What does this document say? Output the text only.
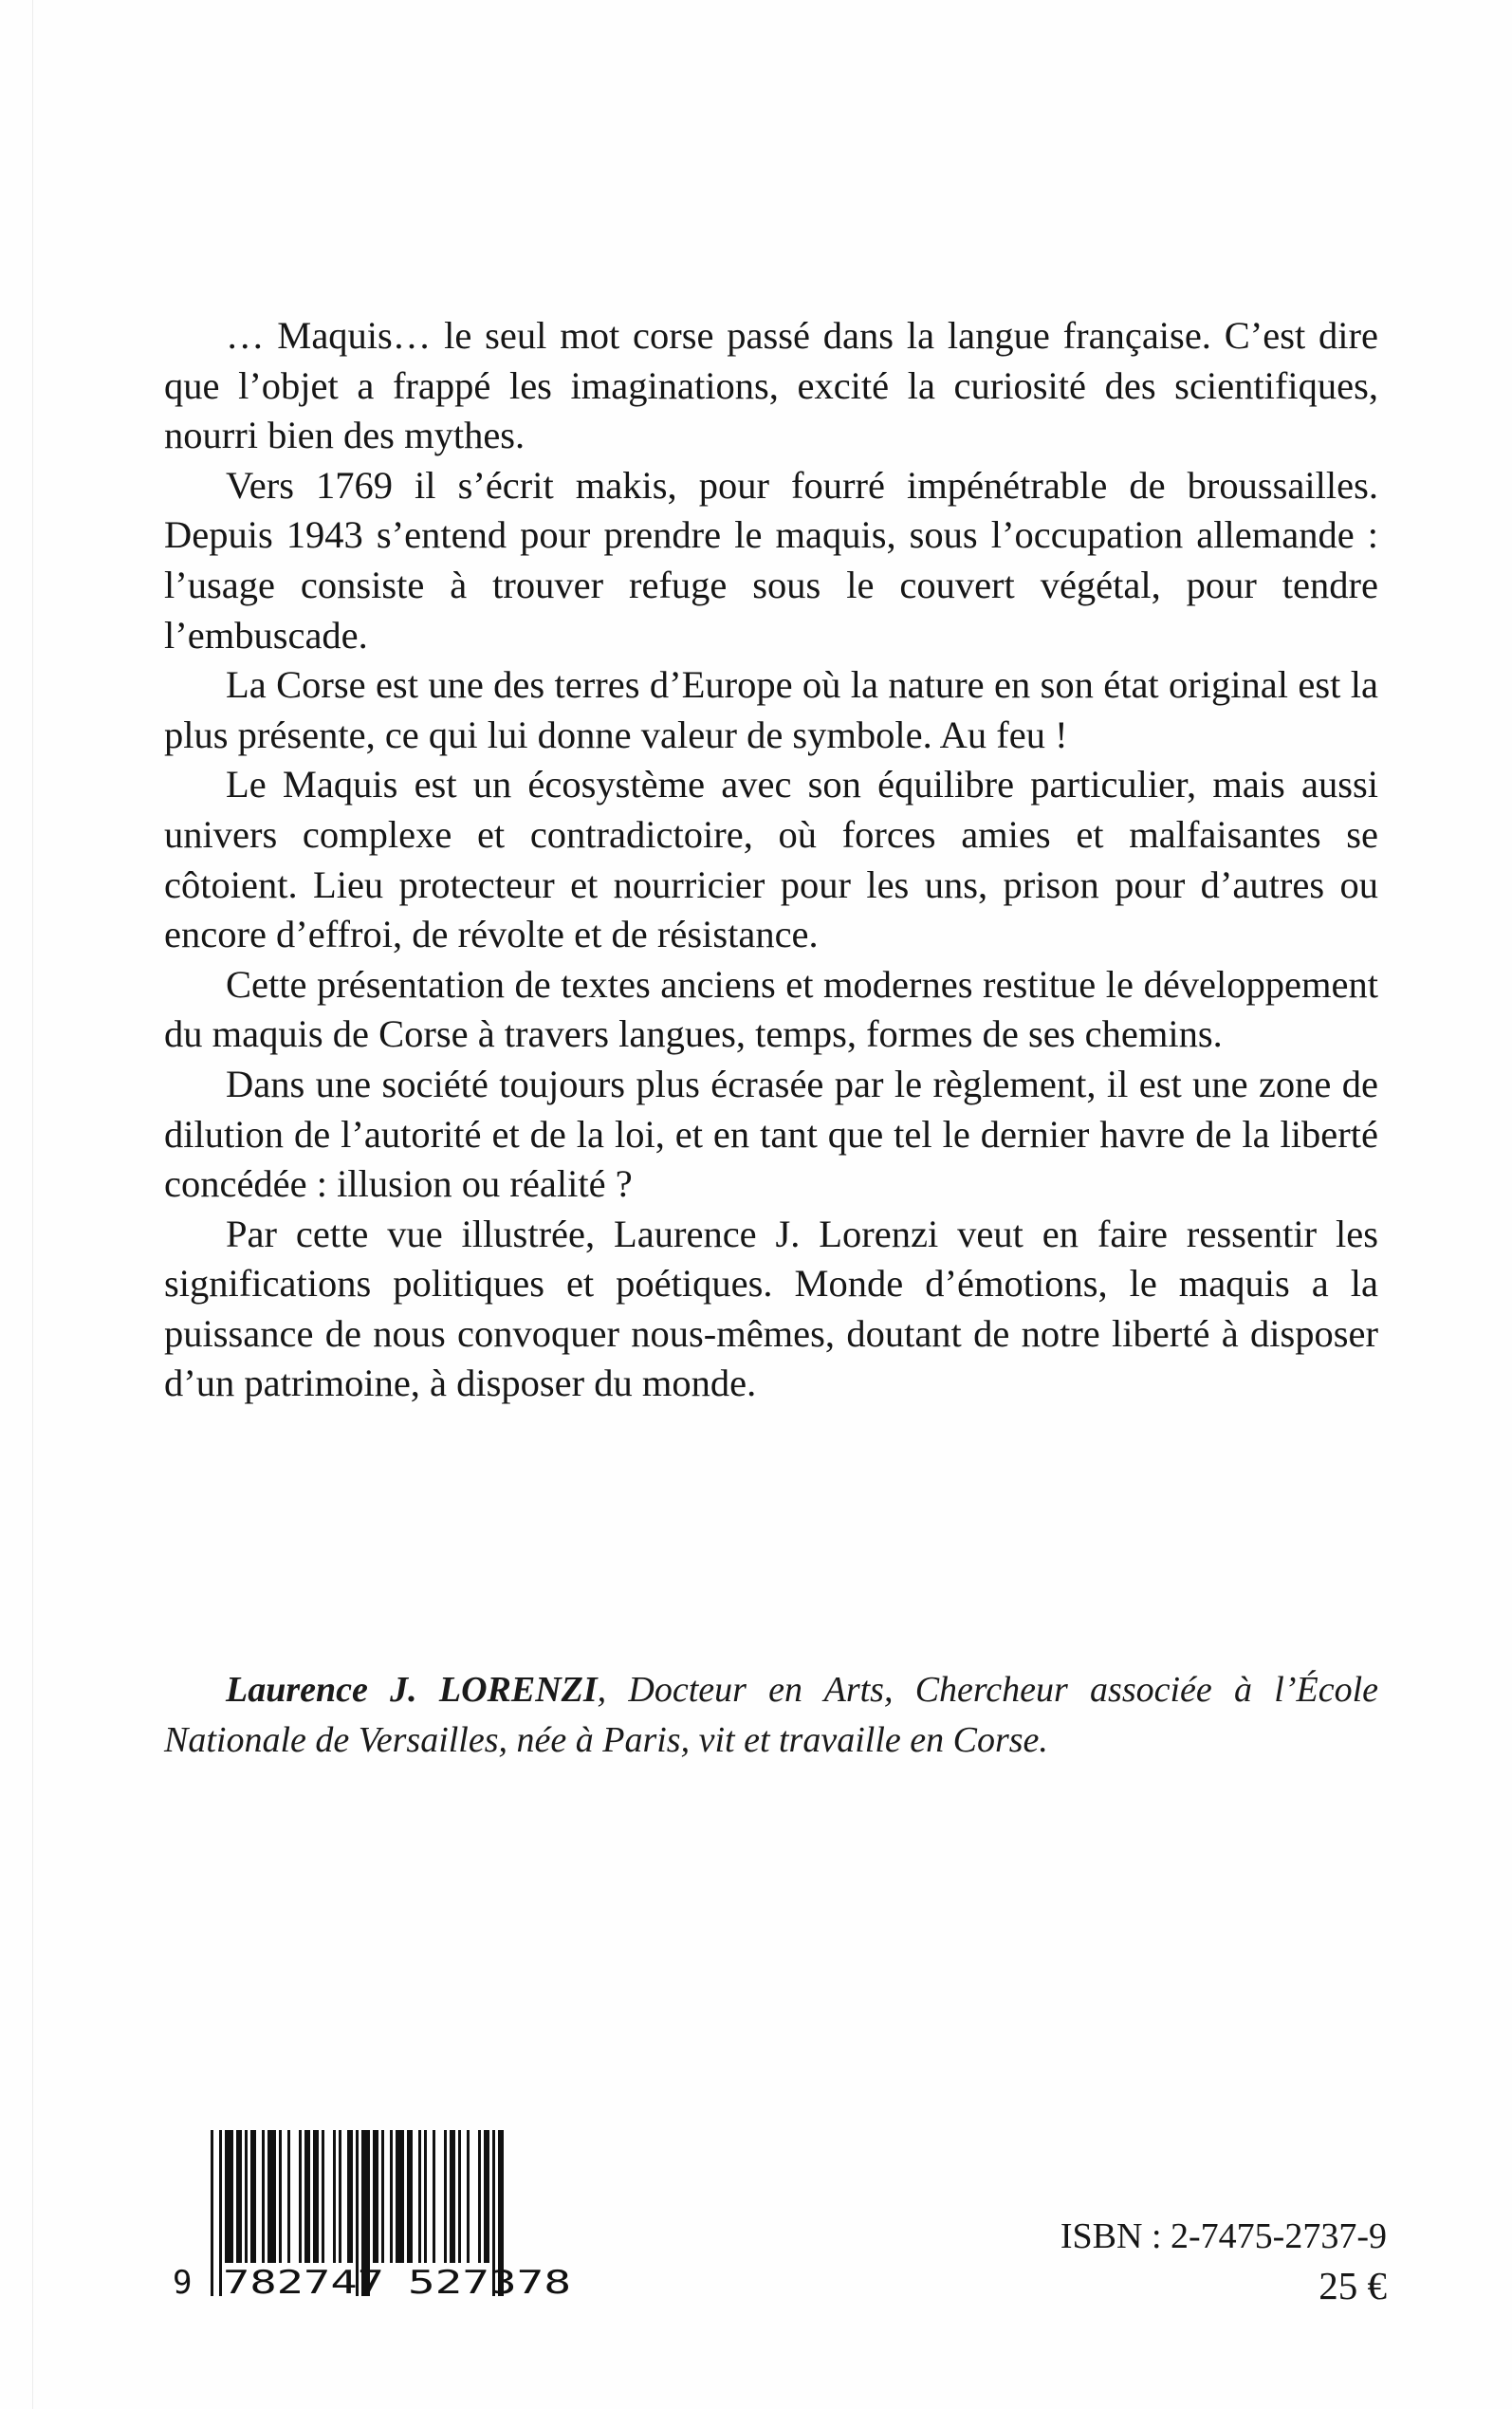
… Maquis… le seul mot corse passé dans la langue française. C’est dire que l’objet a frappé les imaginations, excité la curiosité des scientifiques, nourri bien des mythes.

Vers 1769 il s’écrit makis, pour fourré impénétrable de broussailles. Depuis 1943 s’entend pour prendre le maquis, sous l’occupation allemande : l’usage consiste à trouver refuge sous le couvert végétal, pour tendre l’embuscade.

La Corse est une des terres d’Europe où la nature en son état original est la plus présente, ce qui lui donne valeur de symbole. Au feu !

Le Maquis est un écosystème avec son équilibre particulier, mais aussi univers complexe et contradictoire, où forces amies et malfaisantes se côtoient. Lieu protecteur et nourricier pour les uns, prison pour d’autres ou encore d’effroi, de révolte et de résistance.

Cette présentation de textes anciens et modernes restitue le développement du maquis de Corse à travers langues, temps, formes de ses chemins.

Dans une société toujours plus écrasée par le règlement, il est une zone de dilution de l’autorité et de la loi, et en tant que tel le dernier havre de la liberté concédée : illusion ou réalité ?

Par cette vue illustrée, Laurence J. Lorenzi veut en faire ressentir les significations politiques et poétiques. Monde d’émotions, le maquis a la puissance de nous convoquer nous-mêmes, doutant de notre liberté à disposer d’un patrimoine, à disposer du monde.

Laurence J. LORENZI, Docteur en Arts, Chercheur associée à l’École Nationale de Versailles, née à Paris, vit et travaille en Corse.
9 782747 527378
ISBN : 2-7475-2737-9
25 €
